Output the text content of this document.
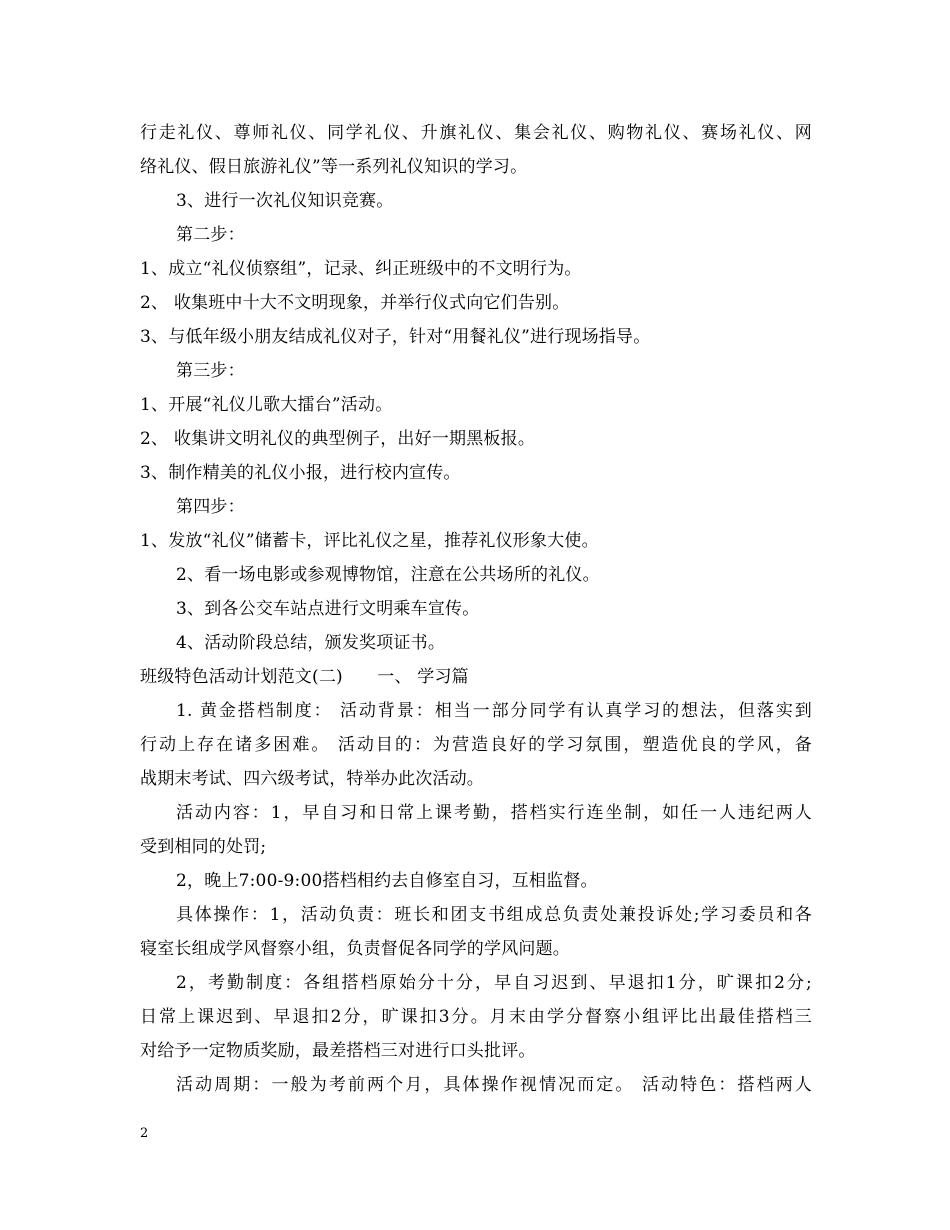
行走礼仪、尊师礼仪、同学礼仪、升旗礼仪、集会礼仪、购物礼仪、赛场礼仪、网
络礼仪、假日旅游礼仪”等一系列礼仪知识的学习。
3、进行一次礼仪知识竞赛。
第二步：
1、成立“礼仪侦察组”，记录、纠正班级中的不文明行为。
2、 收集班中十大不文明现象，并举行仪式向它们告别。
3、与低年级小朋友结成礼仪对子，针对“用餐礼仪”进行现场指导。
第三步：
1、开展“礼仪儿歌大擂台”活动。
2、 收集讲文明礼仪的典型例子，出好一期黑板报。
3、制作精美的礼仪小报，进行校内宣传。
第四步：
1、发放“礼仪”储蓄卡，评比礼仪之星，推荐礼仪形象大使。
2、看一场电影或参观博物馆，注意在公共场所的礼仪。
3、到各公交车站点进行文明乘车宣传。
4、活动阶段总结，颁发奖项证书。
班级特色活动计划范文(二)　　一、 学习篇
1. 黄金搭档制度： 活动背景：相当一部分同学有认真学习的想法，但落实到
行动上存在诸多困难。 活动目的：为营造良好的学习氛围，塑造优良的学风，备
战期末考试、四六级考试，特举办此次活动。
活动内容：1，早自习和日常上课考勤，搭档实行连坐制，如任一人违纪两人
受到相同的处罚;
2，晚上7:00-9:00搭档相约去自修室自习，互相监督。
具体操作：1，活动负责：班长和团支书组成总负责处兼投诉处;学习委员和各
寝室长组成学风督察小组，负责督促各同学的学风问题。
2，考勤制度：各组搭档原始分十分，早自习迟到、早退扣1分，旷课扣2分;
日常上课迟到、早退扣2分，旷课扣3分。月末由学分督察小组评比出最佳搭档三
对给予一定物质奖励，最差搭档三对进行口头批评。
活动周期：一般为考前两个月，具体操作视情况而定。 活动特色：搭档两人
2
